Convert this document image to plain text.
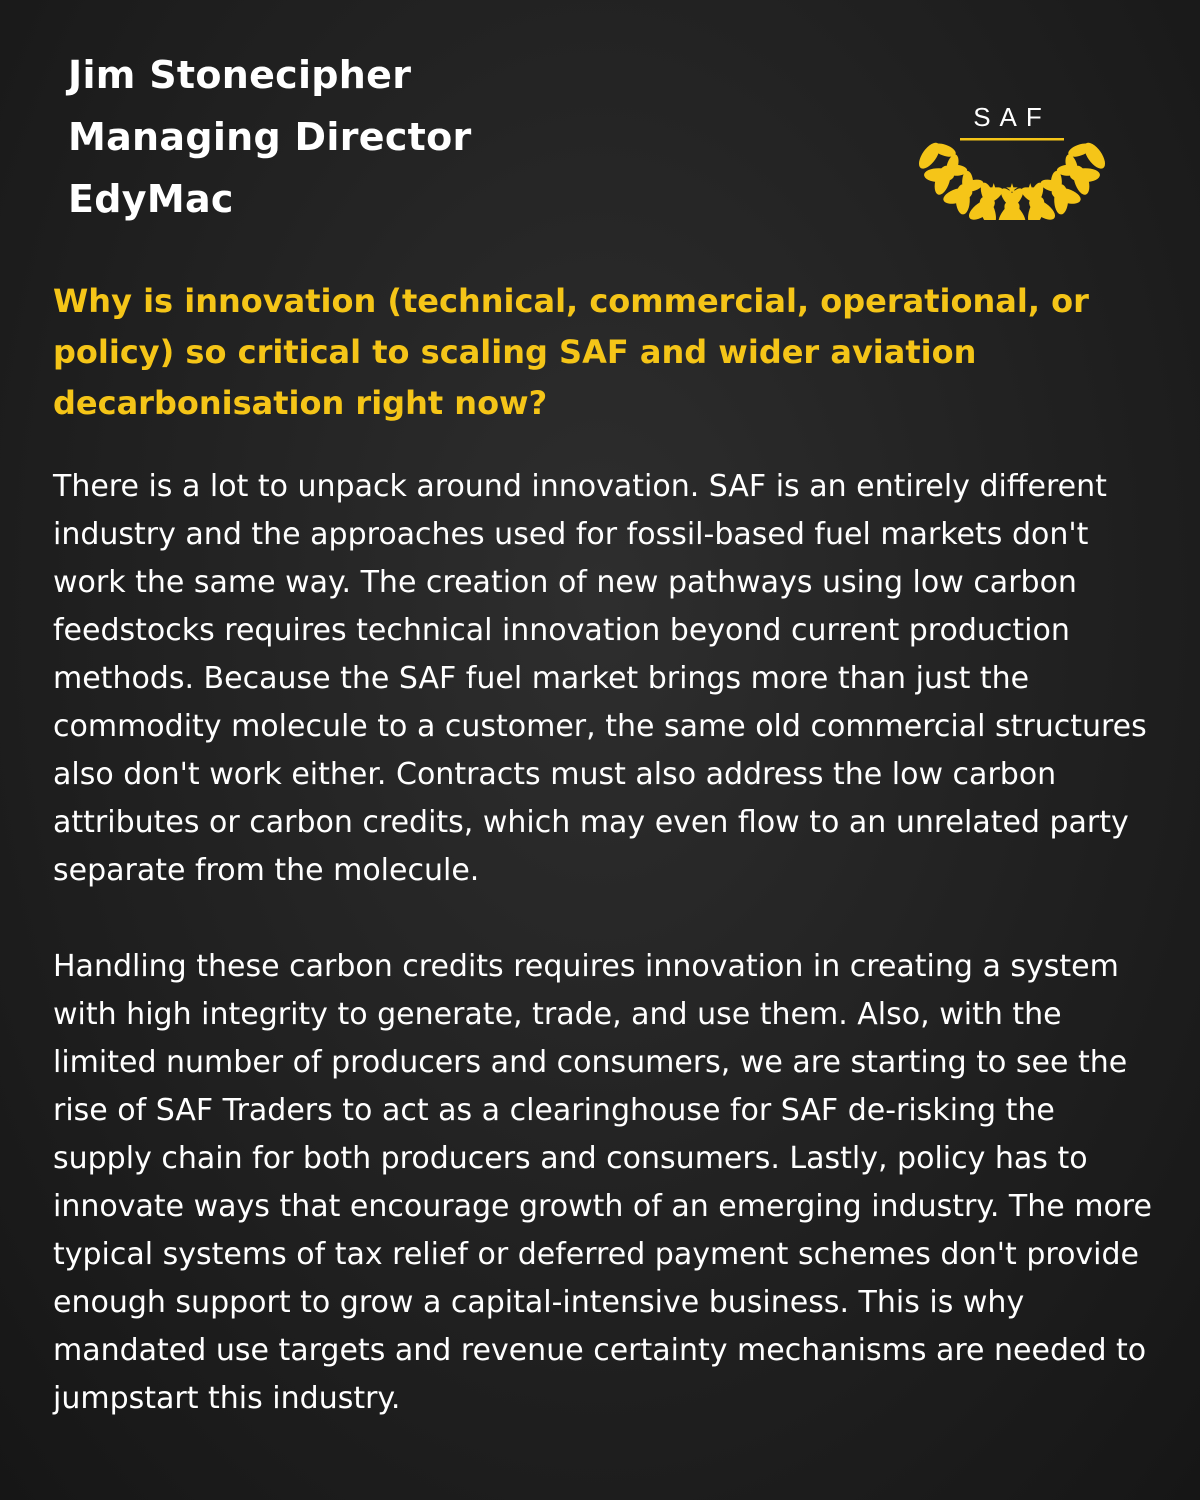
Jim Stonecipher
Managing Director
EdyMac
SAF
★ ★ ★

Why is innovation (technical, commercial, operational, or policy) so critical to scaling SAF and wider aviation decarbonisation right now?

There is a lot to unpack around innovation. SAF is an entirely different industry and the approaches used for fossil-based fuel markets don't work the same way. The creation of new pathways using low carbon feedstocks requires technical innovation beyond current production methods. Because the SAF fuel market brings more than just the commodity molecule to a customer, the same old commercial structures also don't work either. Contracts must also address the low carbon attributes or carbon credits, which may even flow to an unrelated party separate from the molecule.

Handling these carbon credits requires innovation in creating a system with high integrity to generate, trade, and use them. Also, with the limited number of producers and consumers, we are starting to see the rise of SAF Traders to act as a clearinghouse for SAF de-risking the supply chain for both producers and consumers. Lastly, policy has to innovate ways that encourage growth of an emerging industry. The more typical systems of tax relief or deferred payment schemes don't provide enough support to grow a capital-intensive business. This is why mandated use targets and revenue certainty mechanisms are needed to jumpstart this industry.
